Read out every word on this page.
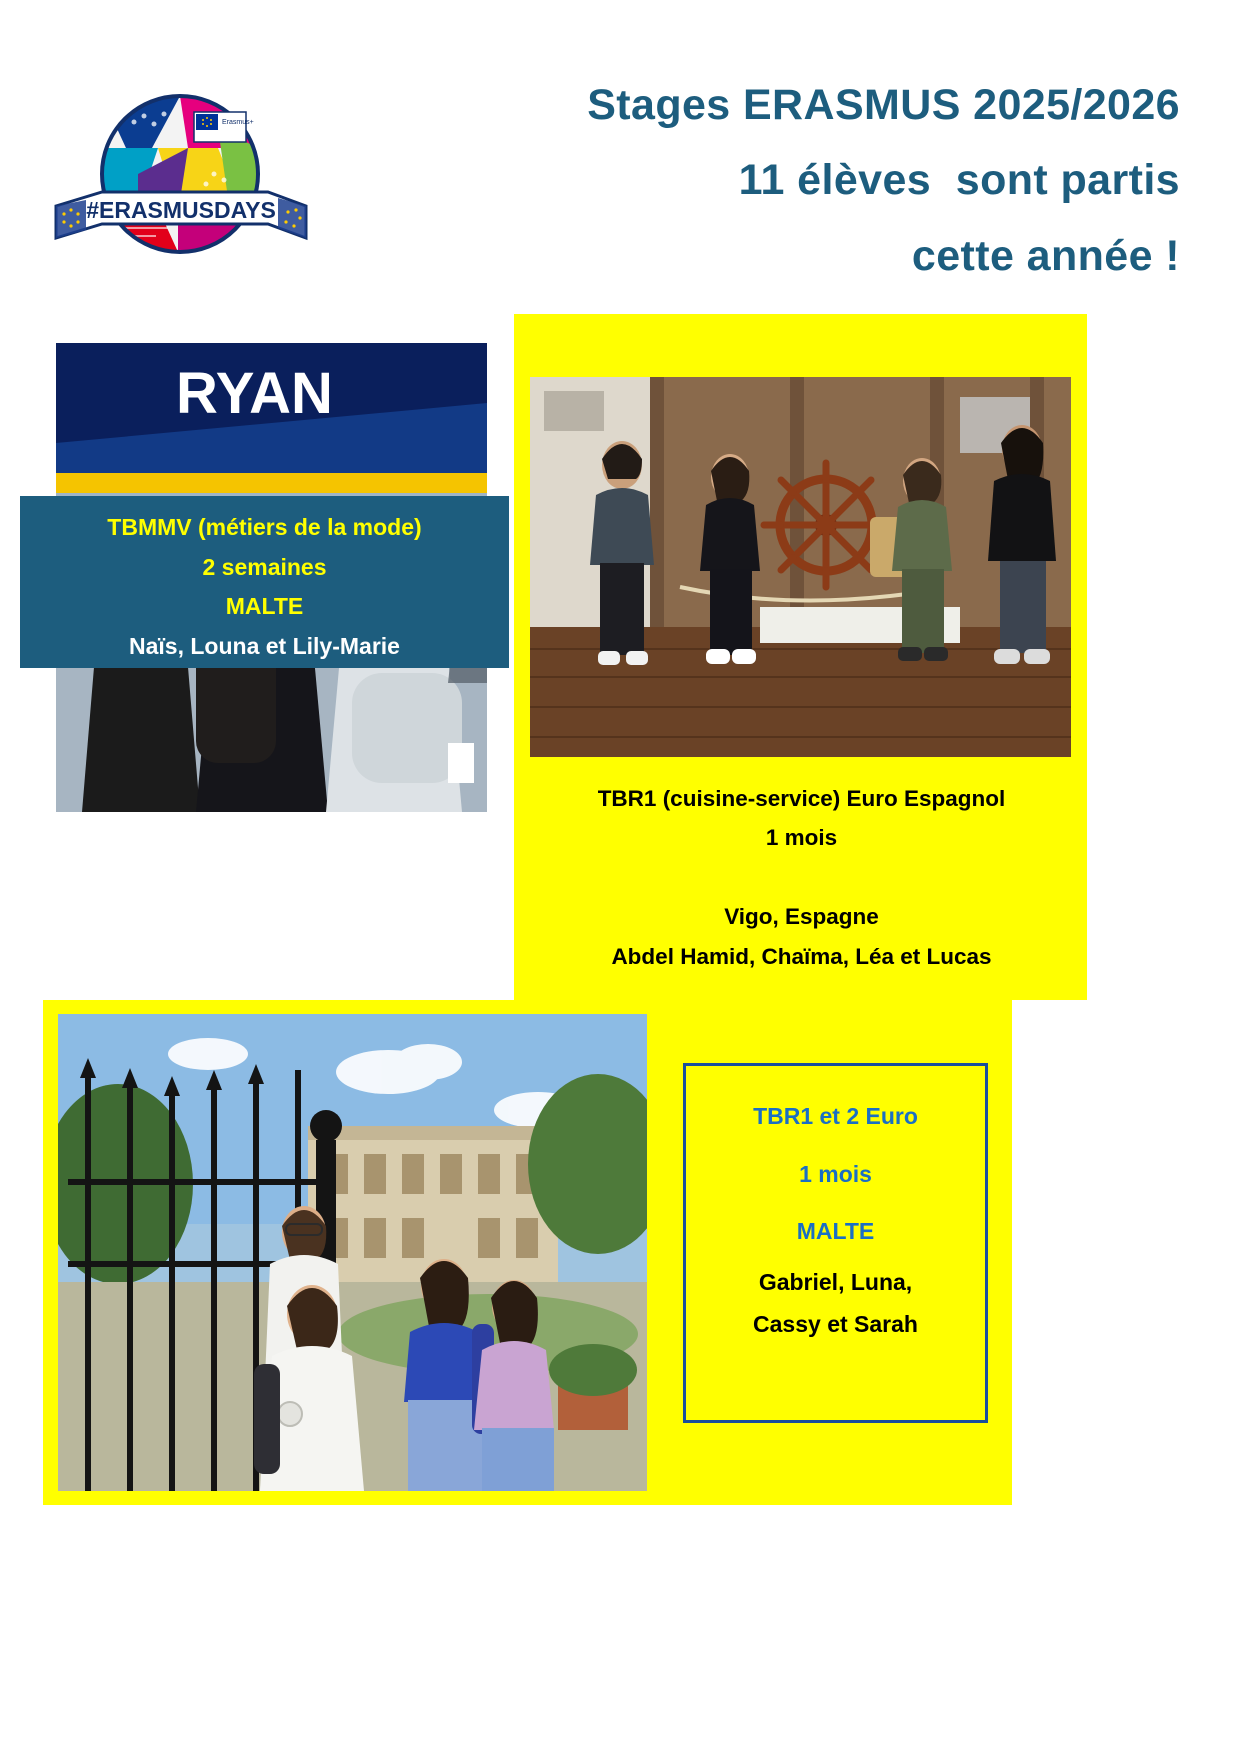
Erasmus+
#ERASMUSDAYS
Stages ERASMUS 2025/2026
11 élèves  sont partis
cette année !
RYAN
TBMMV (métiers de la mode)
2 semaines
MALTE
Naïs, Louna et Lily-Marie
TBR1 (cuisine-service) Euro Espagnol
1 mois

Vigo, Espagne
Abdel Hamid, Chaïma, Léa et Lucas
TBR1 et 2 Euro
1 mois
MALTE
Gabriel, Luna,
Cassy et Sarah
